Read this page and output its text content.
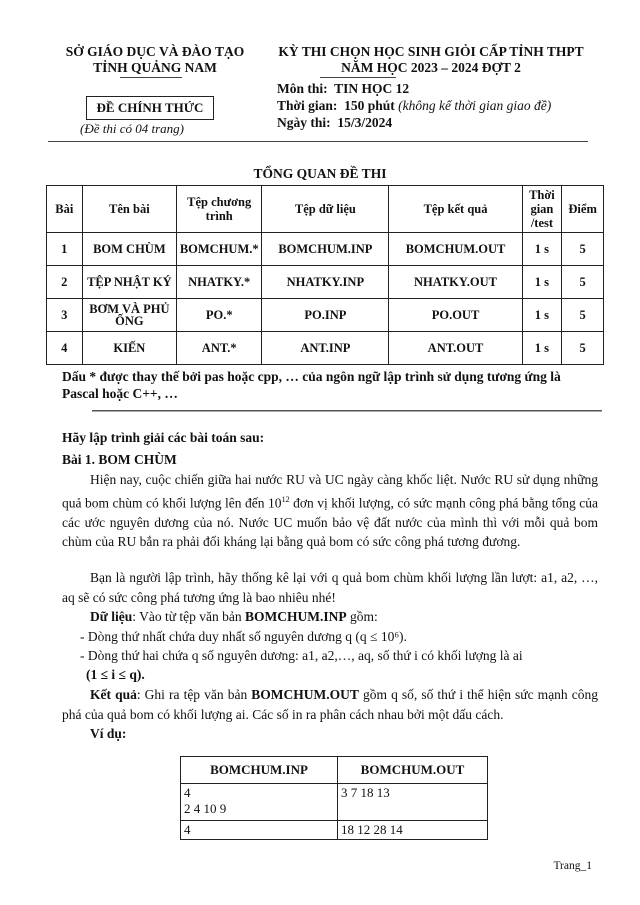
SỞ GIÁO DỤC VÀ ĐÀO TẠO
TỈNH QUẢNG NAM
KỲ THI CHỌN HỌC SINH GIỎI CẤP TỈNH THPT
NĂM HỌC 2023 – 2024 ĐỢT 2
Môn thi: TIN HỌC 12
Thời gian: 150 phút (không kể thời gian giao đề)
Ngày thi: 15/3/2024
ĐỀ CHÍNH THỨC
(Đề thi có 04 trang)
TỔNG QUAN ĐỀ THI
Bài	Tên bài	Tệp chương trình	Tệp dữ liệu	Tệp kết quả	Thời gian /test	Điểm
1	BOM CHÙM	BOMCHUM.*	BOMCHUM.INP	BOMCHUM.OUT	1 s	5
2	TỆP NHẬT KÝ	NHATKY.*	NHATKY.INP	NHATKY.OUT	1 s	5
3	BƠM VÀ PHỦ ỐNG	PO.*	PO.INP	PO.OUT	1 s	5
4	KIẾN	ANT.*	ANT.INP	ANT.OUT	1 s	5
Dấu * được thay thế bởi pas hoặc cpp, … của ngôn ngữ lập trình sử dụng tương ứng là Pascal hoặc C++, …
Hãy lập trình giải các bài toán sau:
Bài 1. BOM CHÙM
Hiện nay, cuộc chiến giữa hai nước RU và UC ngày càng khốc liệt. Nước RU sử dụng những quả bom chùm có khối lượng lên đến $10^{12}$ đơn vị khối lượng, có sức mạnh công phá bằng tổng của các ước nguyên dương của nó. Nước UC muốn bảo vệ đất nước của mình thì với mỗi quả bom chùm của RU bắn ra phải đối kháng lại bằng quả bom có sức công phá tương đương.
Bạn là người lập trình, hãy thống kê lại với q quả bom chùm khối lượng lần lượt: a1, a2, …, aq sẽ có sức công phá tương ứng là bao nhiêu nhé!
Dữ liệu: Vào từ tệp văn bản BOMCHUM.INP gồm:
- Dòng thứ nhất chứa duy nhất số nguyên dương q (q ≤ 10⁶).
- Dòng thứ hai chứa q số nguyên dương: a1, a2,…, aq, số thứ i có khối lượng là ai
(1 ≤ i ≤ q).
Kết quả: Ghi ra tệp văn bản BOMCHUM.OUT gồm q số, số thứ i thể hiện sức mạnh công phá của quả bom có khối lượng ai. Các số in ra phân cách nhau bởi một dấu cách.
Ví dụ:
BOMCHUM.INP	BOMCHUM.OUT
4
2 4 10 9	3 7 18 13
4	18 12 28 14
Trang_1
